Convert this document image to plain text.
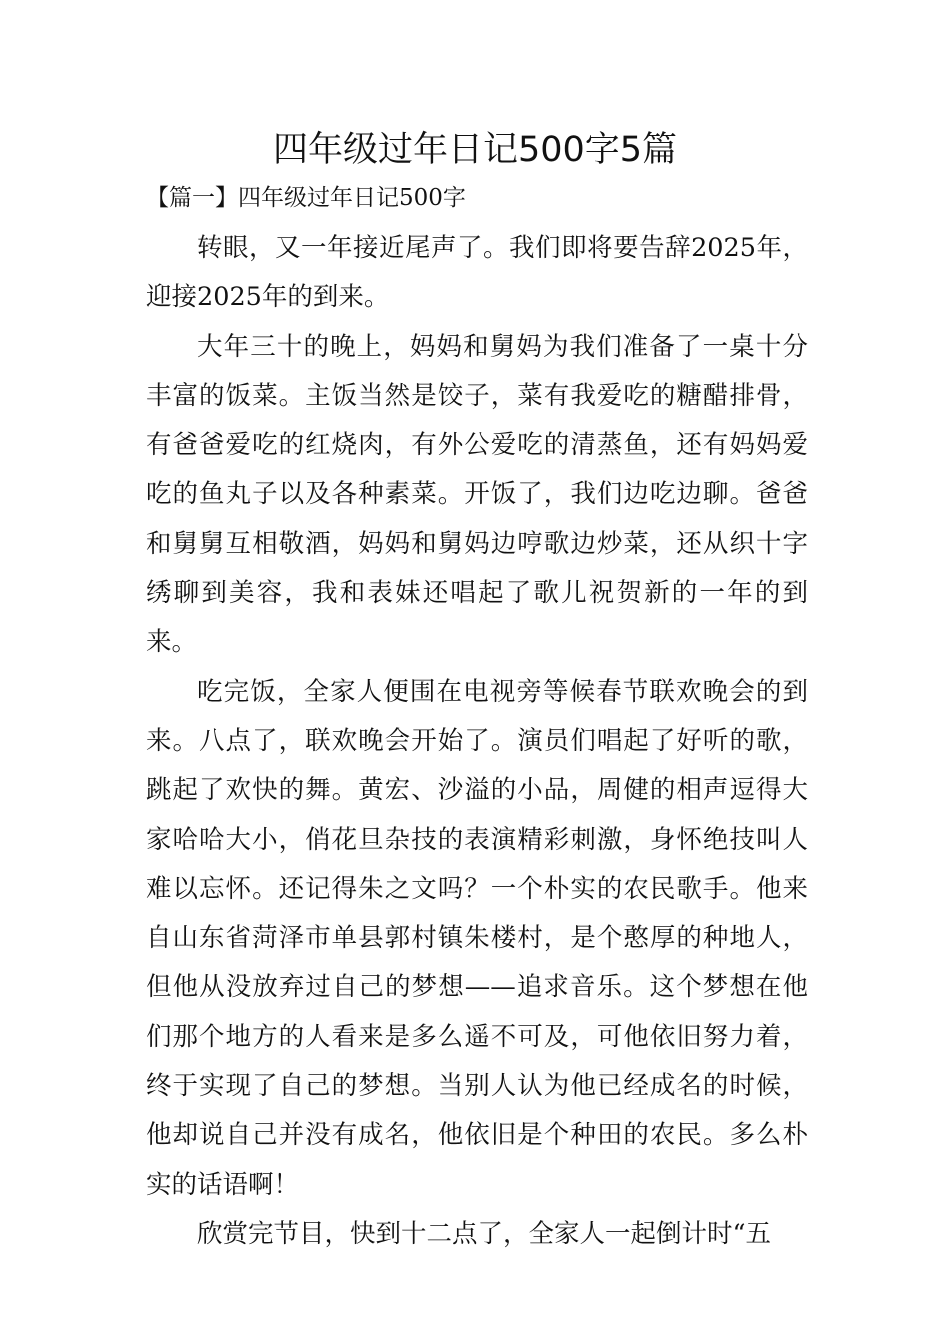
四年级过年日记500字5篇
【篇一】四年级过年日记500字

转眼，又一年接近尾声了。我们即将要告辞2025年，迎接2025年的到来。

大年三十的晚上，妈妈和舅妈为我们准备了一桌十分丰富的饭菜。主饭当然是饺子，菜有我爱吃的糖醋排骨，有爸爸爱吃的红烧肉，有外公爱吃的清蒸鱼，还有妈妈爱吃的鱼丸子以及各种素菜。开饭了，我们边吃边聊。爸爸和舅舅互相敬酒，妈妈和舅妈边哼歌边炒菜，还从织十字绣聊到美容，我和表妹还唱起了歌儿祝贺新的一年的到来。

吃完饭，全家人便围在电视旁等候春节联欢晚会的到来。八点了，联欢晚会开始了。演员们唱起了好听的歌，跳起了欢快的舞。黄宏、沙溢的小品，周健的相声逗得大家哈哈大小，俏花旦杂技的表演精彩刺激，身怀绝技叫人难以忘怀。还记得朱之文吗？一个朴实的农民歌手。他来自山东省菏泽市单县郭村镇朱楼村，是个憨厚的种地人，但他从没放弃过自己的梦想——追求音乐。这个梦想在他们那个地方的人看来是多么遥不可及，可他依旧努力着，终于实现了自己的梦想。当别人认为他已经成名的时候，他却说自己并没有成名，他依旧是个种田的农民。多么朴实的话语啊！

欣赏完节目，快到十二点了，全家人一起倒计时“五
